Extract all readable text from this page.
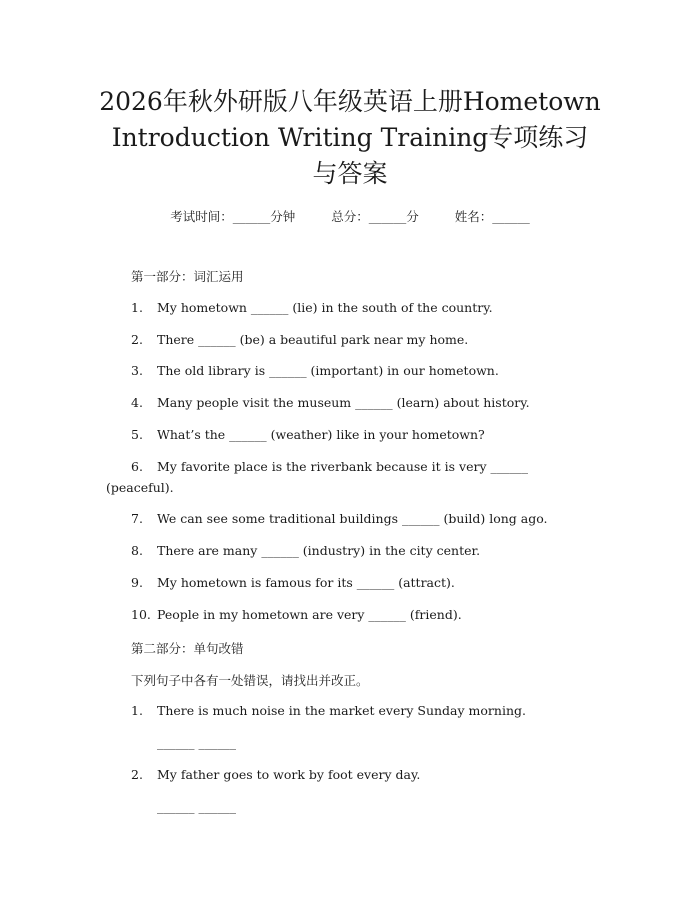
2026年秋外研版八年级英语上册Hometown
Introduction Writing Training专项练习
与答案
考试时间：______分钟	总分：______分	姓名：______
第一部分：词汇运用
1. My hometown ______ (lie) in the south of the country.
2. There ______ (be) a beautiful park near my home.
3. The old library is ______ (important) in our hometown.
4. Many people visit the museum ______ (learn) about history.
5. What’s the ______ (weather) like in your hometown?
6. My favorite place is the riverbank because it is very ______
(peaceful).
7. We can see some traditional buildings ______ (build) long ago.
8. There are many ______ (industry) in the city center.
9. My hometown is famous for its ______ (attract).
10. People in my hometown are very ______ (friend).
第二部分：单句改错
下列句子中各有一处错误，请找出并改正。
1. There is much noise in the market every Sunday morning.
______ ______
2. My father goes to work by foot every day.
______ ______
